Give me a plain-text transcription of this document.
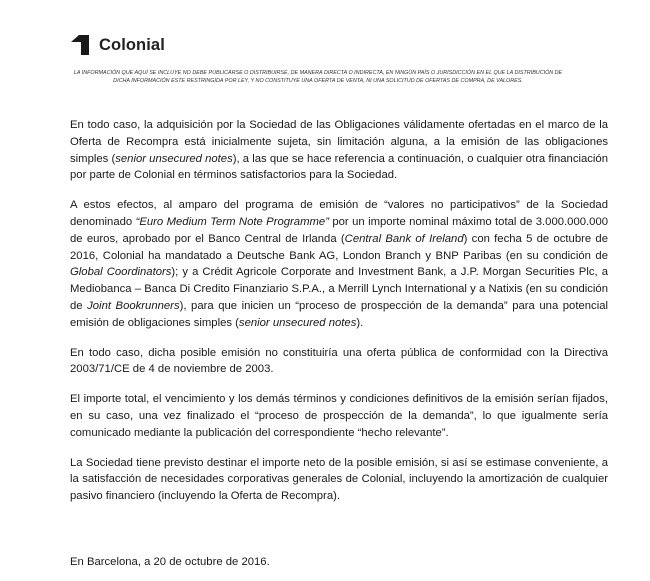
Colonial
LA INFORMACIÓN QUE AQUÍ SE INCLUYE NO DEBE PUBLICARSE O DISTRIBUIRSE, DE MANERA DIRECTA O INDIRECTA, EN NINGÚN PAÍS O JURISDICCIÓN EN EL QUE LA DISTRIBUCIÓN DE
DICHA INFORMACIÓN ESTE RESTRINGIDA POR LEY, Y NO CONSTITUYE UNA OFERTA DE VENTA, NI UNA SOLICITUD DE OFERTAS DE COMPRA, DE VALORES.

En todo caso, la adquisición por la Sociedad de las Obligaciones válidamente ofertadas en el marco de la Oferta de Recompra está inicialmente sujeta, sin limitación alguna, a la emisión de las obligaciones simples (senior unsecured notes), a las que se hace referencia a continuación, o cualquier otra financiación por parte de Colonial en términos satisfactorios para la Sociedad.

A estos efectos, al amparo del programa de emisión de “valores no participativos” de la Sociedad denominado “Euro Medium Term Note Programme” por un importe nominal máximo total de 3.000.000.000 de euros, aprobado por el Banco Central de Irlanda (Central Bank of Ireland) con fecha 5 de octubre de 2016, Colonial ha mandatado a Deutsche Bank AG, London Branch y BNP Paribas (en su condición de Global Coordinators); y a Crédit Agricole Corporate and Investment Bank, a J.P. Morgan Securities Plc, a Mediobanca – Banca Di Credito Finanziario S.P.A., a Merrill Lynch International y a Natixis (en su condición de Joint Bookrunners), para que inicien un “proceso de prospección de la demanda” para una potencial emisión de obligaciones simples (senior unsecured notes).

En todo caso, dicha posible emisión no constituiría una oferta pública de conformidad con la Directiva 2003/71/CE de 4 de noviembre de 2003.

El importe total, el vencimiento y los demás términos y condiciones definitivos de la emisión serían fijados, en su caso, una vez finalizado el “proceso de prospección de la demanda”, lo que igualmente sería comunicado mediante la publicación del correspondiente “hecho relevante”.

La Sociedad tiene previsto destinar el importe neto de la posible emisión, si así se estimase conveniente, a la satisfacción de necesidades corporativas generales de Colonial, incluyendo la amortización de cualquier pasivo financiero (incluyendo la Oferta de Recompra).

En Barcelona, a 20 de octubre de 2016.
